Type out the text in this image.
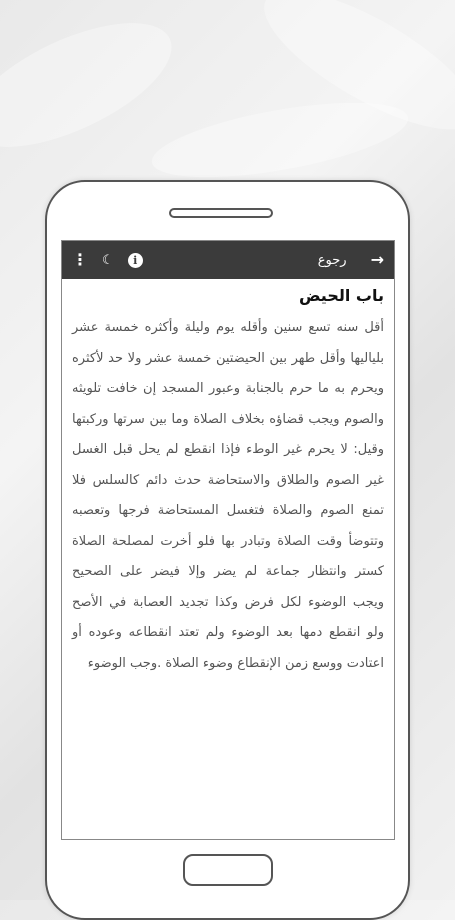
→
رجوع
⋮ ☾	i
باب الحيض

أقل سنه تسع سنين وأقله يوم وليلة وأكثره خمسة عشر بلياليها وأقل طهر بين الحيضتين خمسة عشر ولا حد لأكثره ويحرم به ما حرم بالجنابة وعبور المسجد إن خافت تلويثه والصوم ويجب قضاؤه بخلاف الصلاة وما بين سرتها وركبتها وقيل: لا يحرم غير الوطء فإذا انقطع لم يحل قبل الغسل غير الصوم والطلاق والاستحاضة حدث دائم كالسلس فلا تمنع الصوم والصلاة فتغسل المستحاضة فرجها وتعصبه وتتوضأ وقت الصلاة وتبادر بها فلو أخرت لمصلحة الصلاة كستر وانتظار جماعة لم يضر وإلا فيضر على الصحيح ويجب الوضوء لكل فرض وكذا تجديد العصابة في الأصح ولو انقطع دمها بعد الوضوء ولم تعتد انقطاعه وعوده أو اعتادت ووسع زمن الإنقطاع وضوء الصلاة .وجب الوضوء
